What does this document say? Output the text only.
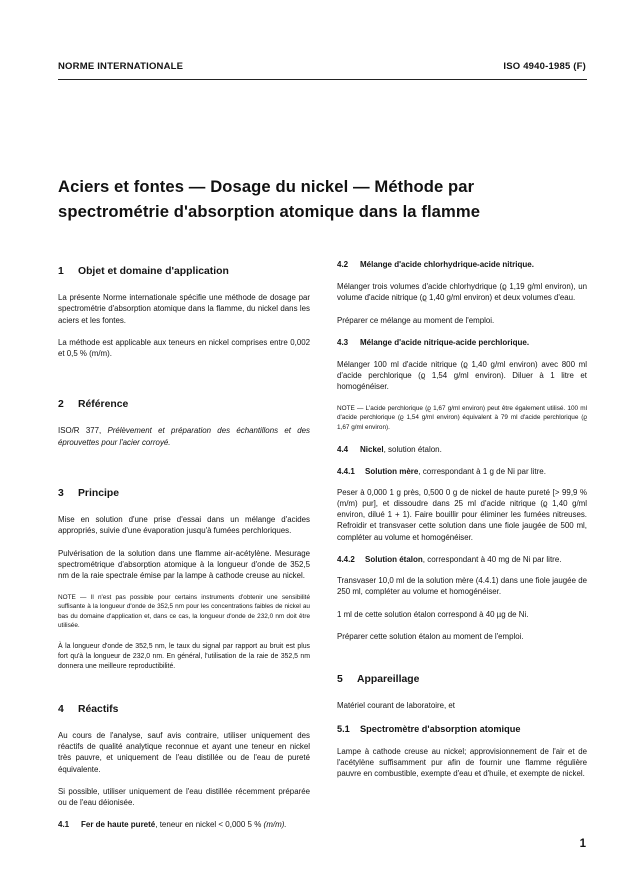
NORME INTERNATIONALE	ISO 4940-1985 (F)
Aciers et fontes — Dosage du nickel — Méthode par
spectrométrie d'absorption atomique dans la flamme
1 Objet et domaine d'application

La présente Norme internationale spécifie une méthode de dosage par spectrométrie d'absorption atomique dans la flamme, du nickel dans les aciers et les fontes.

La méthode est applicable aux teneurs en nickel comprises entre 0,002 et 0,5 % (m/m).

2 Référence

ISO/R 377, Prélèvement et préparation des échantillons et des éprouvettes pour l'acier corroyé.

3 Principe

Mise en solution d'une prise d'essai dans un mélange d'acides appropriés, suivie d'une évaporation jusqu'à fumées perchloriques.

Pulvérisation de la solution dans une flamme air-acétylène. Mesurage spectrométrique d'absorption atomique à la longueur d'onde de 352,5 nm de la raie spectrale émise par la lampe à cathode creuse au nickel.

NOTE — Il n'est pas possible pour certains instruments d'obtenir une sensibilité suffisante à la longueur d'onde de 352,5 nm pour les concentrations faibles de nickel au bas du domaine d'application et, dans ce cas, la longueur d'onde de 232,0 nm doit être utilisée.

À la longueur d'onde de 352,5 nm, le taux du signal par rapport au bruit est plus fort qu'à la longueur de 232,0 nm. En général, l'utilisation de la raie de 352,5 nm donnera une meilleure reproductibilité.

4 Réactifs

Au cours de l'analyse, sauf avis contraire, utiliser uniquement des réactifs de qualité analytique reconnue et ayant une teneur en nickel très pauvre, et uniquement de l'eau distillée ou de l'eau de pureté équivalente.

Si possible, utiliser uniquement de l'eau distillée récemment préparée ou de l'eau déionisée.

4.1 Fer de haute pureté, teneur en nickel < 0,000 5 % (m/m).
4.2 Mélange d'acide chlorhydrique-acide nitrique.

Mélanger trois volumes d'acide chlorhydrique (ϱ 1,19 g/ml environ), un volume d'acide nitrique (ϱ 1,40 g/ml environ) et deux volumes d'eau.

Préparer ce mélange au moment de l'emploi.

4.3 Mélange d'acide nitrique-acide perchlorique.

Mélanger 100 ml d'acide nitrique (ϱ 1,40 g/ml environ) avec 800 ml d'acide perchlorique (ϱ 1,54 g/ml environ). Diluer à 1 litre et homogénéiser.

NOTE — L'acide perchlorique (ϱ 1,67 g/ml environ) peut être également utilisé. 100 ml d'acide perchlorique (ϱ 1,54 g/ml environ) équivalent à 79 ml d'acide perchlorique (ϱ 1,67 g/ml environ).

4.4 Nickel, solution étalon.
4.4.1 Solution mère, correspondant à 1 g de Ni par litre.

Peser à 0,000 1 g près, 0,500 0 g de nickel de haute pureté [> 99,9 % (m/m) pur], et dissoudre dans 25 ml d'acide nitrique (ϱ 1,40 g/ml environ, dilué 1 + 1). Faire bouillir pour éliminer les fumées nitreuses. Refroidir et transvaser cette solution dans une fiole jaugée de 500 ml, compléter au volume et homogénéiser.

4.4.2 Solution étalon, correspondant à 40 mg de Ni par litre.

Transvaser 10,0 ml de la solution mère (4.4.1) dans une fiole jaugée de 250 ml, compléter au volume et homogénéiser.

1 ml de cette solution étalon correspond à 40 µg de Ni.

Préparer cette solution étalon au moment de l'emploi.

5 Appareillage

Matériel courant de laboratoire, et

5.1 Spectromètre d'absorption atomique

Lampe à cathode creuse au nickel; approvisionnement de l'air et de l'acétylène suffisamment pur afin de fournir une flamme régulière pauvre en combustible, exempte d'eau et d'huile, et exempte de nickel.

1
